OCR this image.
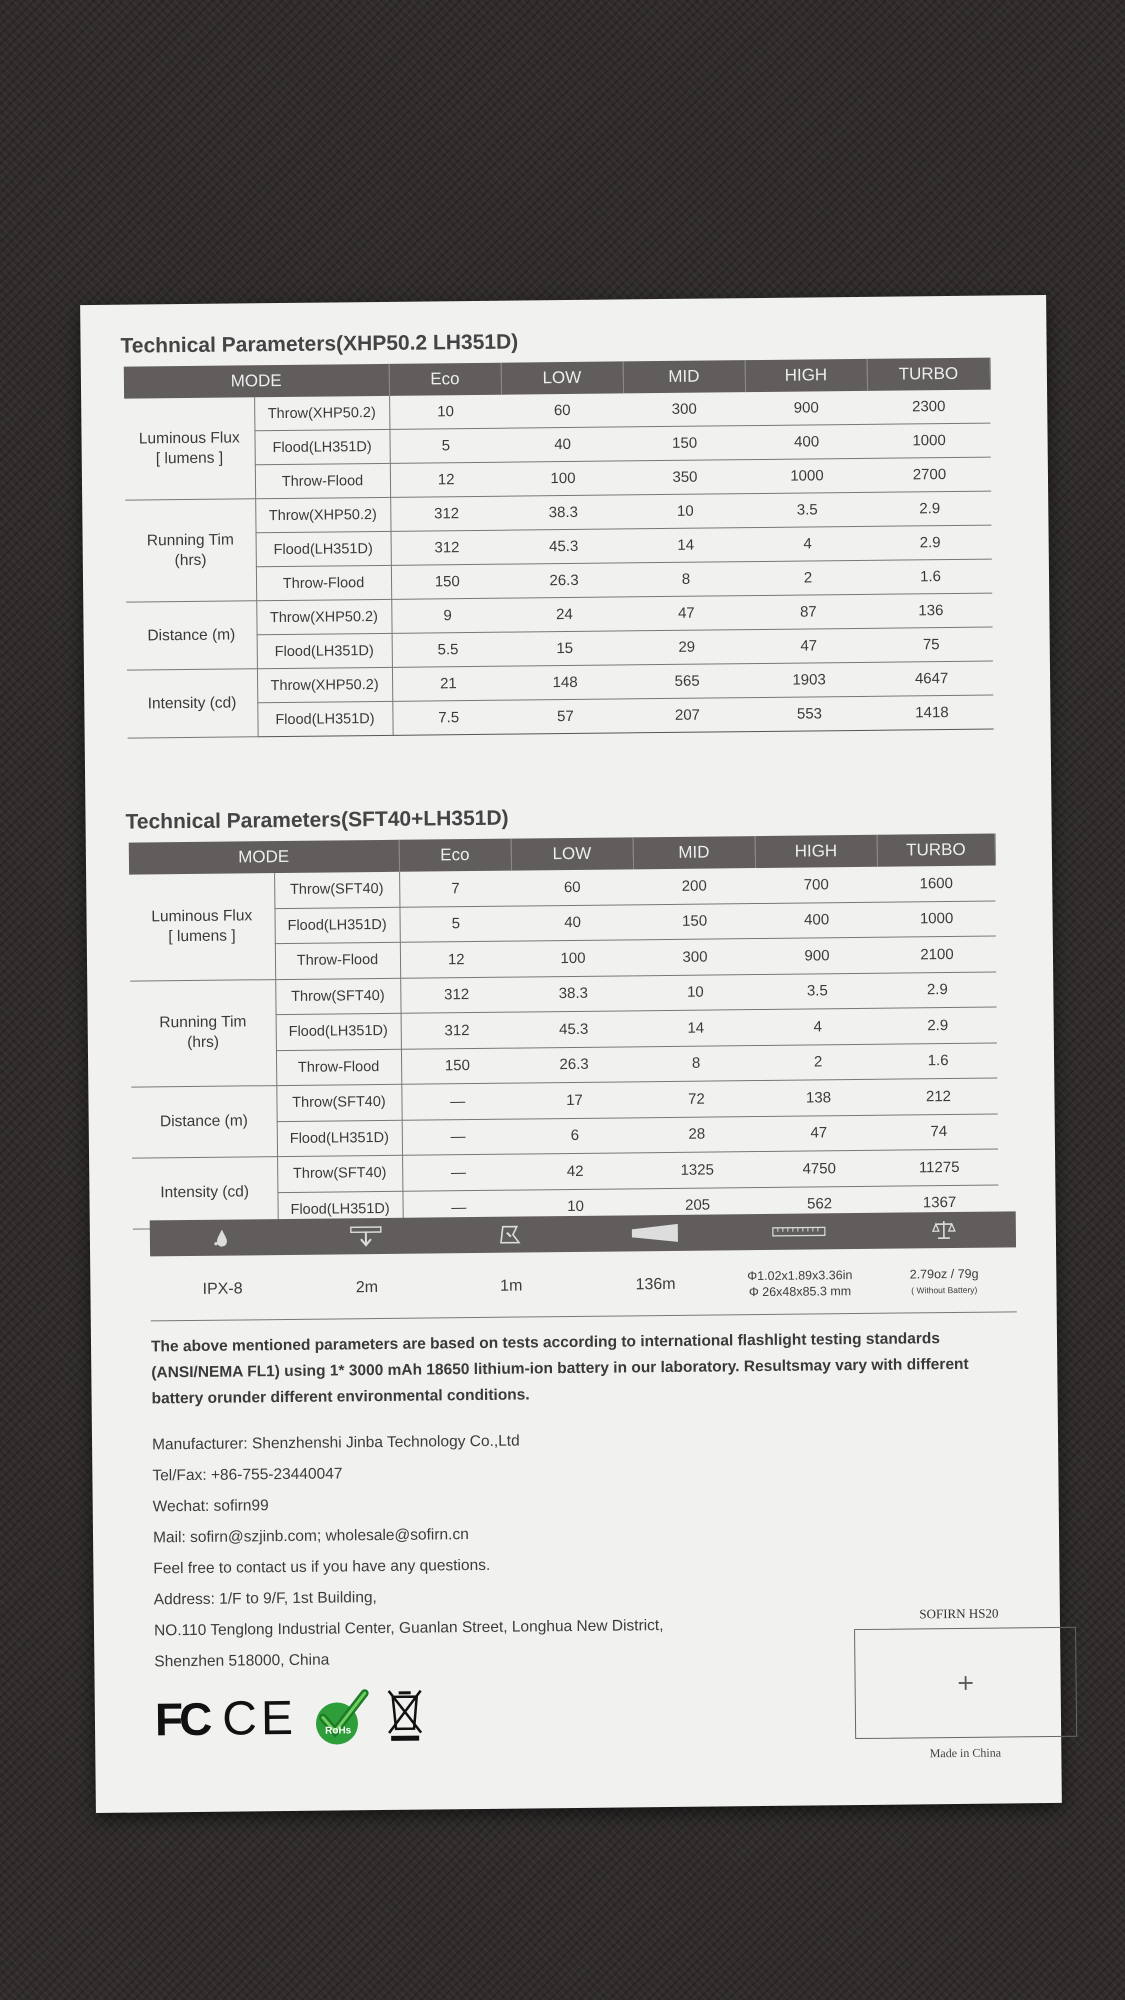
Technical Parameters(XHP50.2 LH351D)
MODE		Eco	LOW	MID	HIGH	TURBO
Luminous Flux
[ lumens ]	Throw(XHP50.2)	10	60	300	900	2300
	Flood(LH351D)	5	40	150	400	1000
	Throw-Flood	12	100	350	1000	2700
Running Tim
(hrs)	Throw(XHP50.2)	312	38.3	10	3.5	2.9
	Flood(LH351D)	312	45.3	14	4	2.9
	Throw-Flood	150	26.3	8	2	1.6
Distance (m)	Throw(XHP50.2)	9	24	47	87	136
	Flood(LH351D)	5.5	15	29	47	75
Intensity (cd)	Throw(XHP50.2)	21	148	565	1903	4647
	Flood(LH351D)	7.5	57	207	553	1418
Technical Parameters(SFT40+LH351D)
MODE		Eco	LOW	MID	HIGH	TURBO
Luminous Flux
[ lumens ]	Throw(SFT40)	7	60	200	700	1600
	Flood(LH351D)	5	40	150	400	1000
	Throw-Flood	12	100	300	900	2100
Running Tim
(hrs)	Throw(SFT40)	312	38.3	10	3.5	2.9
	Flood(LH351D)	312	45.3	14	4	2.9
	Throw-Flood	150	26.3	8	2	1.6
Distance (m)	Throw(SFT40)	—	17	72	138	212
	Flood(LH351D)	—	6	28	47	74
Intensity (cd)	Throw(SFT40)	—	42	1325	4750	11275
	Flood(LH351D)	—	10	205	562	1367
IPX-8	2m	1m	136m
Φ1.02x1.89x3.36in
Φ 26x48x85.3 mm
2.79oz / 79g
( Without Battery)
The above mentioned parameters are based on tests according to international flashlight testing standards (ANSI/NEMA FL1) using 1* 3000 mAh 18650 lithium-ion battery in our laboratory. Resultsmay vary with different battery orunder different environmental conditions.
Manufacturer: Shenzhenshi Jinba Technology Co.,Ltd
Tel/Fax: +86-755-23440047
Wechat: sofirn99
Mail: sofirn@szjinb.com; wholesale@sofirn.cn
Feel free to contact us if you have any questions.
Address: 1/F to 9/F, 1st Building,
NO.110 Tenglong Industrial Center, Guanlan Street, Longhua New District,
Shenzhen 518000, China
SOFIRN HS20
+
Made in China
FC CE	RoHs
